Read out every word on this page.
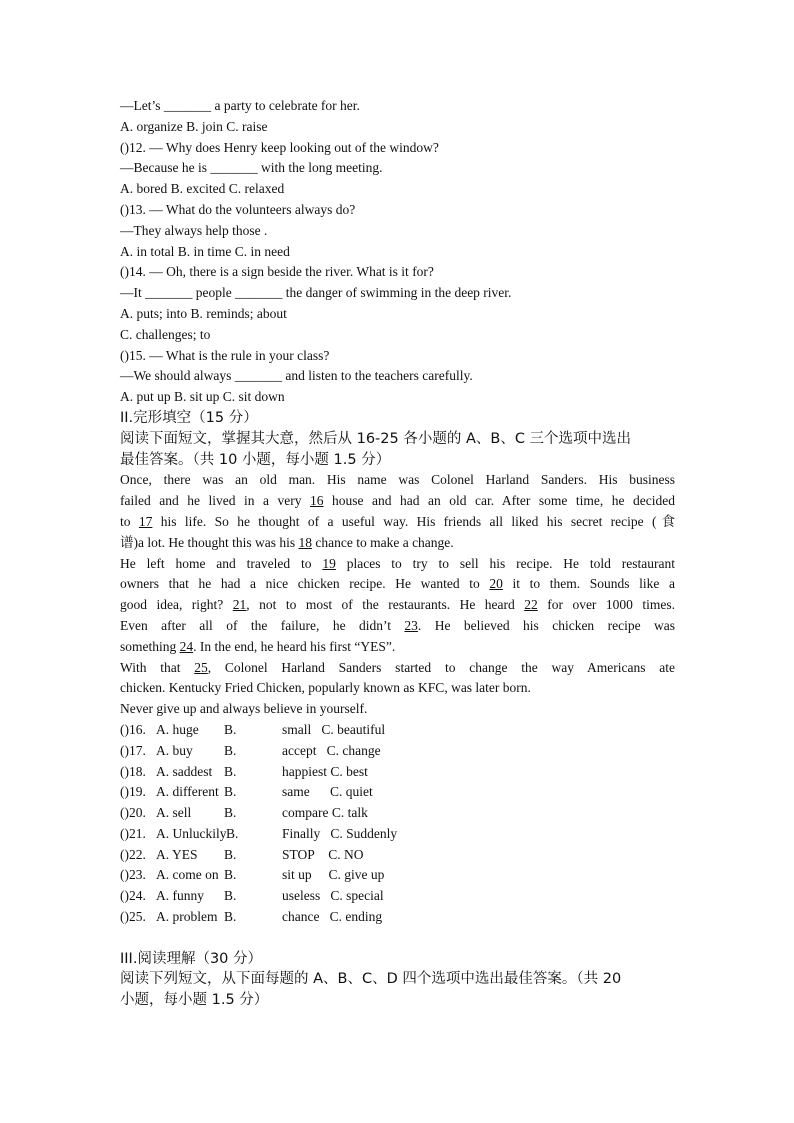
—Let’s _______ a party to celebrate for her.
A. organize B. join C. raise
()12. — Why does Henry keep looking out of the window?
—Because he is _______ with the long meeting.
A. bored B. excited C. relaxed
()13. — What do the volunteers always do?
—They always help those .
A. in total B. in time C. in need
()14. — Oh, there is a sign beside the river. What is it for?
—It _______ people _______ the danger of swimming in the deep river.
A. puts; into B. reminds; about
C. challenges; to
()15. — What is the rule in your class?
—We should always _______ and listen to the teachers carefully.
A. put up B. sit up C. sit down
II.完形填空（15 分）
阅读下面短文，掌握其大意，然后从 16-25 各小题的 A、B、C 三个选项中选出
最佳答案。（共 10 小题，每小题 1.5 分）
Once, there was an old man. His name was Colonel Harland Sanders. His business
failed and he lived in a very 16 house and had an old car. After some time, he decided
to 17 his life. So he thought of a useful way. His friends all liked his secret recipe (食
谱)a lot. He thought this was his 18 chance to make a change.
He left home and traveled to 19 places to try to sell his recipe. He told restaurant
owners that he had a nice chicken recipe. He wanted to 20 it to them. Sounds like a
good idea, right? 21, not to most of the restaurants. He heard 22 for over 1000 times.
Even after all of the failure, he didn’t 23. He believed his chicken recipe was
something 24. In the end, he heard his first “YES”.
With that 25, Colonel Harland Sanders started to change the way Americans ate
chicken. Kentucky Fried Chicken, popularly known as KFC, was later born.
Never give up and always believe in yourself.
()16. A. huge	B.	small C. beautiful
()17. A. buy	B.	accept C. change
()18. A. saddest B.	happiest C. best
()19. A. different B.	same C. quiet
()20. A. sell	B.	compare C. talk
()21. A. Unluckily B.	Finally C. Suddenly
()22. A. YES	B.	STOP C. NO
()23. A. come on B.	sit up C. give up
()24. A. funny	B.	useless C. special
()25. A. problem B.	chance C. ending
III.阅读理解（30 分）
阅读下列短文，从下面每题的 A、B、C、D 四个选项中选出最佳答案。（共 20
小题，每小题 1.5 分）
